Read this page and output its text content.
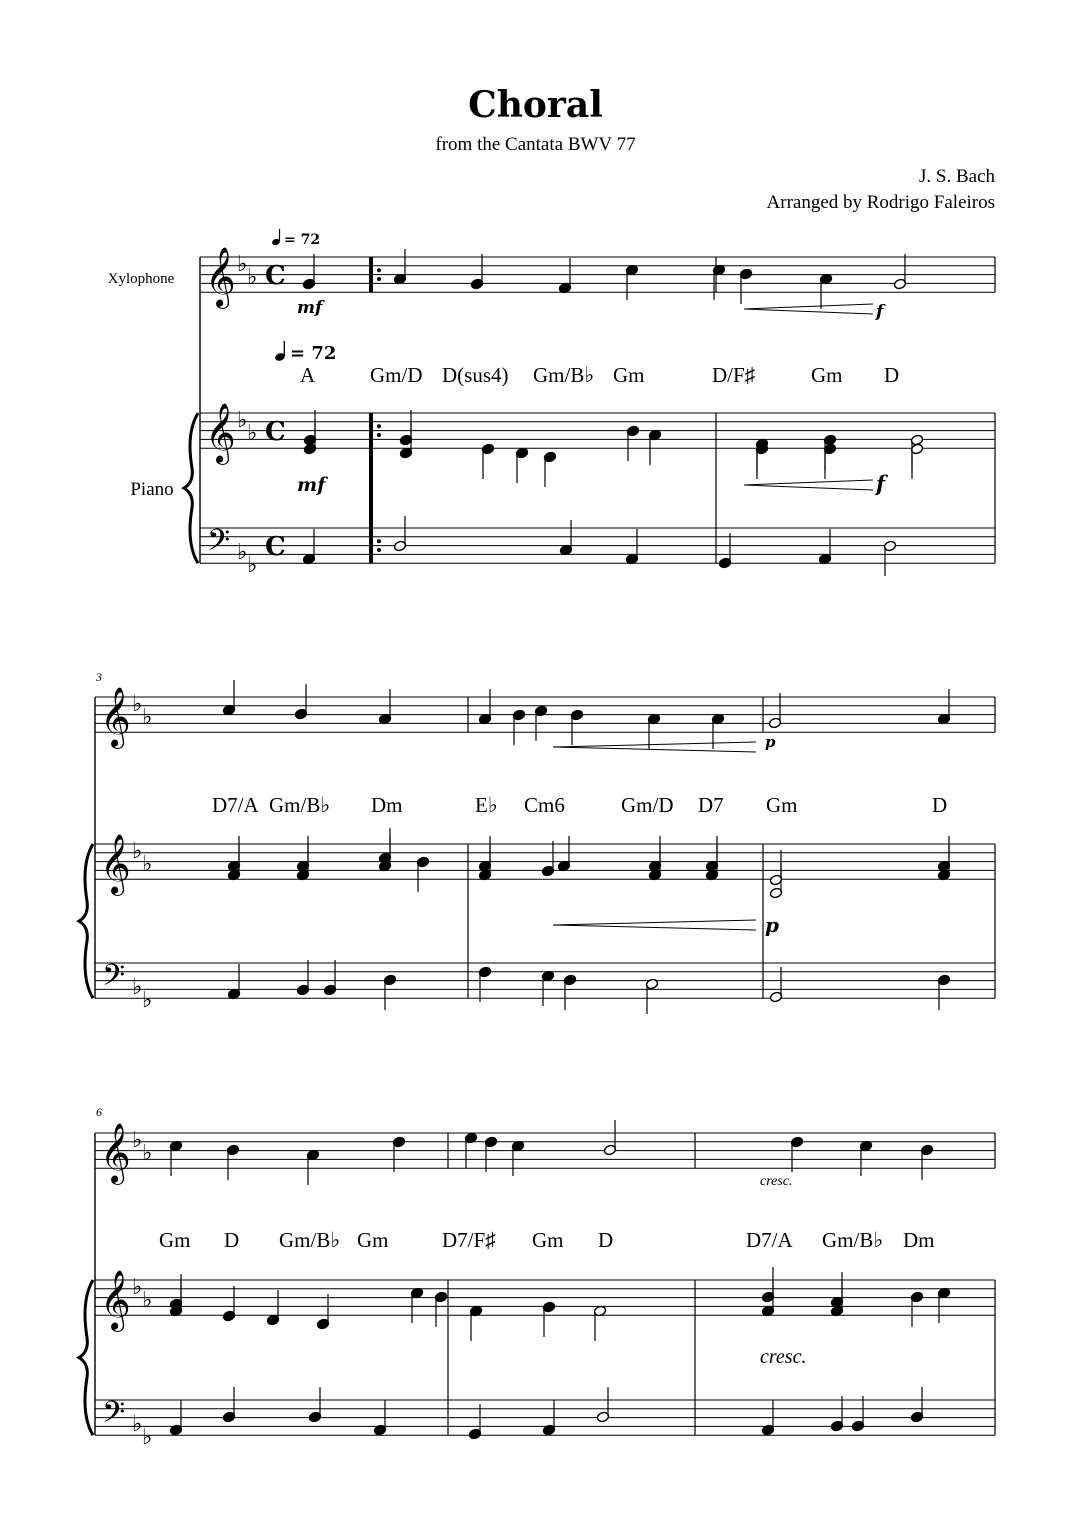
Choral
from the Cantata BWV 77
J. S. Bach
Arranged by Rodrigo Faleiros
𝄞 ♭
♭
𝄞 ♭
♭
𝄢 ♭
♭
C
C
C
𝄞 ♭
♭
𝄞 ♭
♭
𝄢 ♭
♭
𝄞 ♭
♭
𝄞 ♭
♭
𝄢 ♭
♭
Xylophone
Piano
= 72
= 72
3
6
A	Gm/D D(sus4) Gm/B♭ Gm	D/F♯	Gm D
D7/A Gm/B♭ Dm	E♭ Cm6	Gm/D D7 Gm	D
Gm D Gm/B♭ Gm	D7/F♯ Gm D	D7/A Gm/B♭ Dm
mf	f
mf	f
p
p
cresc.
cresc.
